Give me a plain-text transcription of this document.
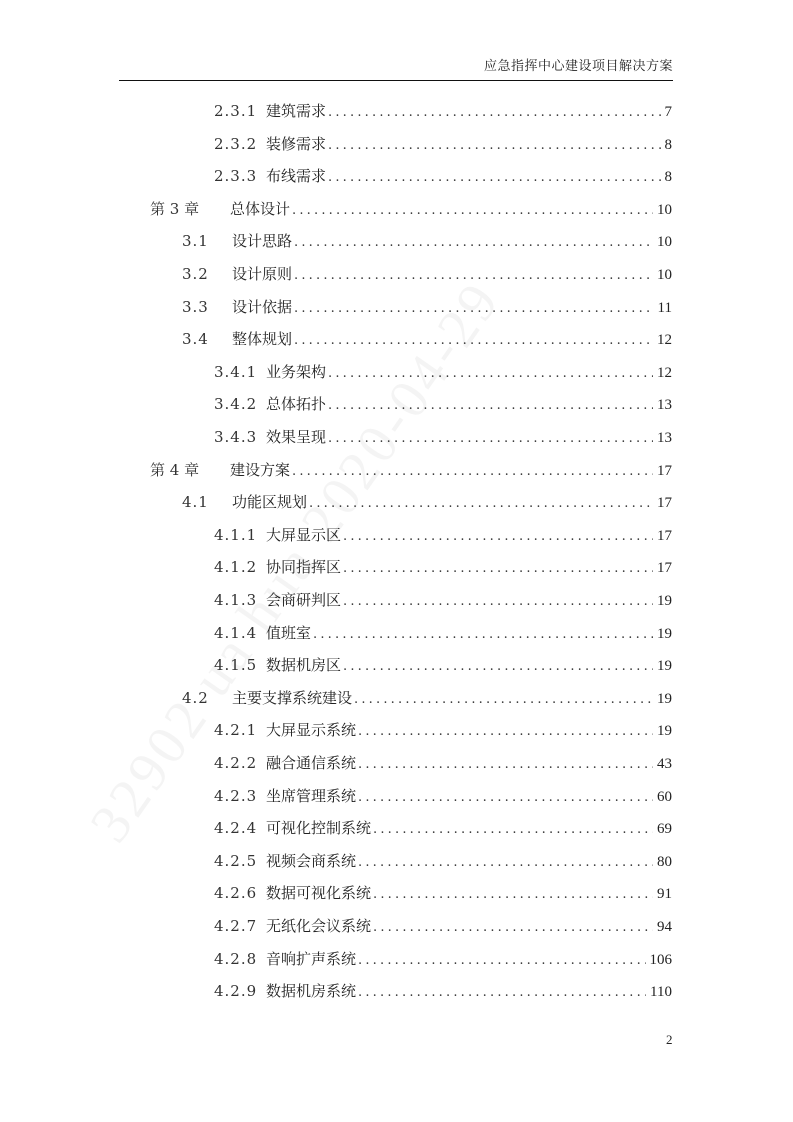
应急指挥中心建设项目解决方案
2.3.1 建筑需求 .....	7
2.3.2 装修需求 .....	8
2.3.3 布线需求 .....	8
第 3 章	总体设计 .....	10
3.1	设计思路 .....	10
3.2	设计原则 .....	10
3.3	设计依据 .....	11
3.4	整体规划 .....	12
3.4.1 业务架构 .....	12
3.4.2 总体拓扑 .....	13
3.4.3 效果呈现 .....	13
第 4 章	建设方案 .....	17
4.1	功能区规划 .....	17
4.1.1 大屏显示区 .....	17
4.1.2 协同指挥区 .....	17
4.1.3 会商研判区 .....	19
4.1.4 值班室 .....	19
4.1.5 数据机房区 .....	19
4.2	主要支撑系统建设 .....	19
4.2.1 大屏显示系统 .....	19
4.2.2 融合通信系统 .....	43
4.2.3 坐席管理系统 .....	60
4.2.4 可视化控制系统 .....	69
4.2.5 视频会商系统 .....	80
4.2.6 数据可视化系统 .....	91
4.2.7 无纸化会议系统 .....	94
4.2.8 音响扩声系统 .....	106
4.2.9 数据机房系统 .....	110
2
